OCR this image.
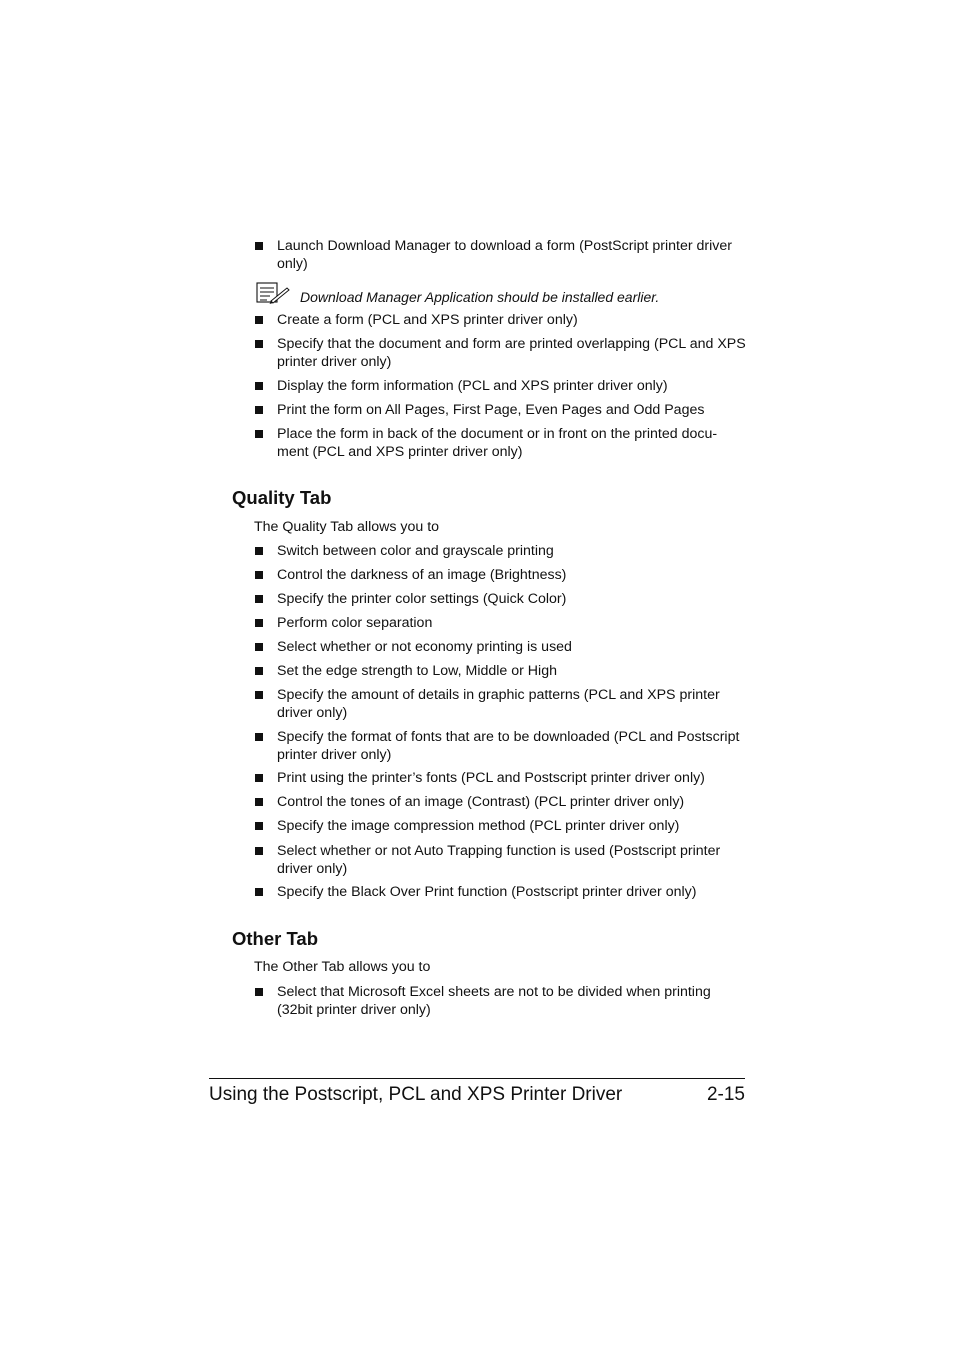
Launch Download Manager to download a form (PostScript printer driver only)
Download Manager Application should be installed earlier.
Create a form (PCL and XPS printer driver only)
Specify that the document and form are printed overlapping (PCL and XPS printer driver only)
Display the form information (PCL and XPS printer driver only)
Print the form on All Pages, First Page, Even Pages and Odd Pages
Place the form in back of the document or in front on the printed docu-ment (PCL and XPS printer driver only)
Quality Tab

The Quality Tab allows you to

Switch between color and grayscale printing
Control the darkness of an image (Brightness)
Specify the printer color settings (Quick Color)
Perform color separation
Select whether or not economy printing is used
Set the edge strength to Low, Middle or High
Specify the amount of details in graphic patterns (PCL and XPS printer driver only)
Specify the format of fonts that are to be downloaded (PCL and Postscript printer driver only)
Print using the printer’s fonts (PCL and Postscript printer driver only)
Control the tones of an image (Contrast) (PCL printer driver only)
Specify the image compression method (PCL printer driver only)
Select whether or not Auto Trapping function is used (Postscript printer driver only)
Specify the Black Over Print function (Postscript printer driver only)
Other Tab

The Other Tab allows you to

Select that Microsoft Excel sheets are not to be divided when printing (32bit printer driver only)
Using the Postscript, PCL and XPS Printer Driver	2-15
